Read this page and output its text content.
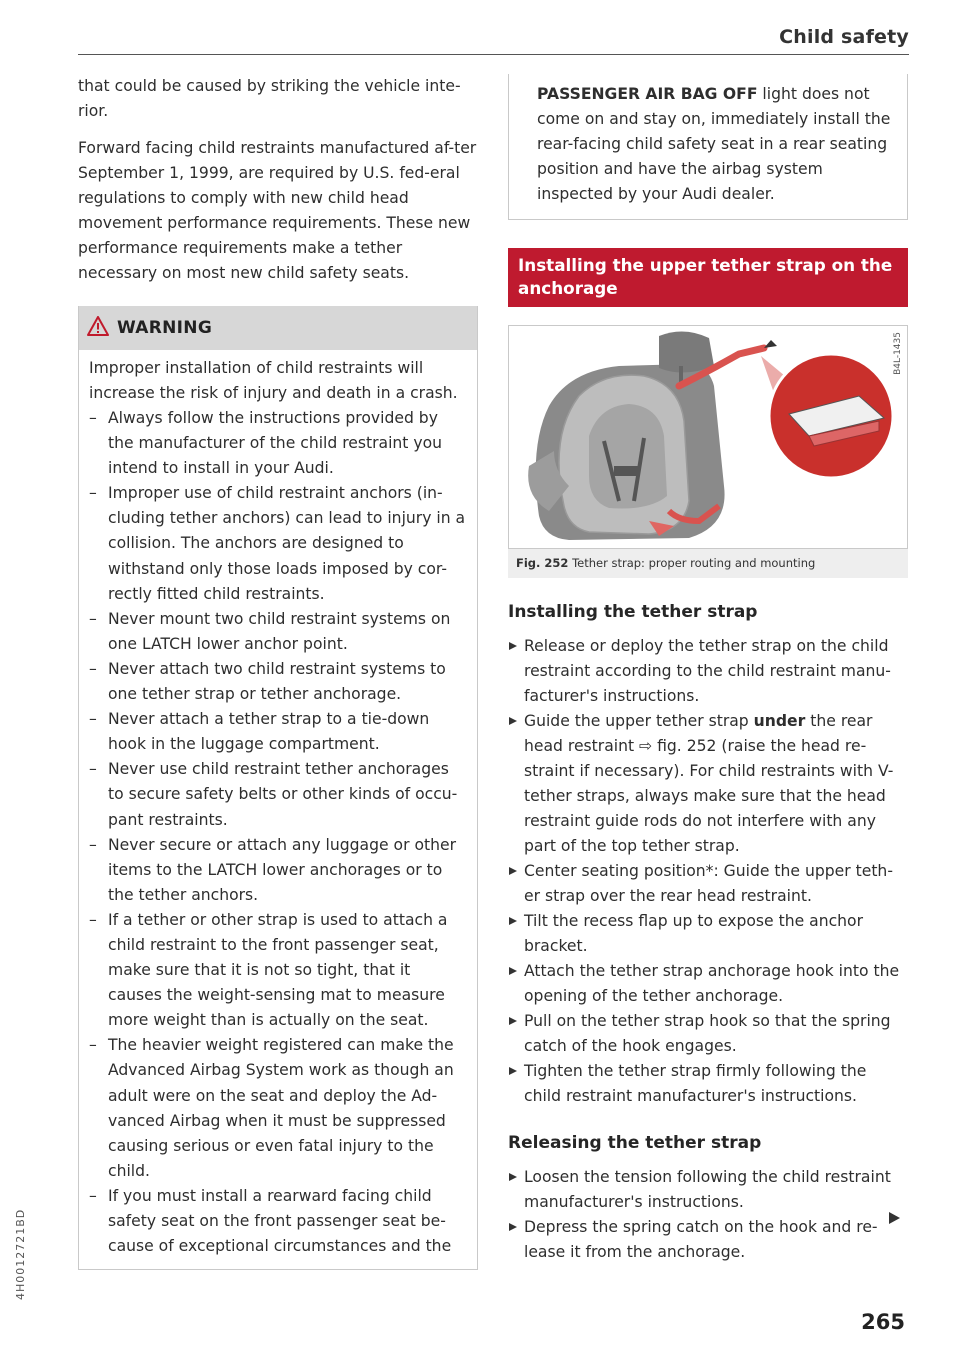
Child safety
4H0012721BD

that could be caused by striking the vehicle inte-rior.

Forward facing child restraints manufactured af-ter September 1, 1999, are required by U.S. fed-eral regulations to comply with new child head movement performance requirements. These new performance requirements make a tether necessary on most new child safety seats.

WARNING

Improper installation of child restraints will increase the risk of injury and death in a crash.

– Always follow the instructions provided by the manufacturer of the child restraint you intend to install in your Audi.
– Improper use of child restraint anchors (in-cluding tether anchors) can lead to injury in a collision. The anchors are designed to withstand only those loads imposed by cor-rectly fitted child restraints.
– Never mount two child restraint systems on one LATCH lower anchor point.
– Never attach two child restraint systems to one tether strap or tether anchorage.
– Never attach a tether strap to a tie-down hook in the luggage compartment.
– Never use child restraint tether anchorages to secure safety belts or other kinds of occu-pant restraints.
– Never secure or attach any luggage or other items to the LATCH lower anchorages or to the tether anchors.
– If a tether or other strap is used to attach a child restraint to the front passenger seat, make sure that it is not so tight, that it causes the weight-sensing mat to measure more weight than is actually on the seat.
– The heavier weight registered can make the Advanced Airbag System work as though an adult were on the seat and deploy the Ad-vanced Airbag when it must be suppressed causing serious or even fatal injury to the child.
– If you must install a rearward facing child safety seat on the front passenger seat be-cause of exceptional circumstances and the

PASSENGER AIR BAG OFF light does not come on and stay on, immediately install the rear-facing child safety seat in a rear seating position and have the airbag system inspected by your Audi dealer.

Installing the upper tether strap on the anchorage
B4L-1435
Fig. 252 Tether strap: proper routing and mounting
Installing the tether strap
Release or deploy the tether strap on the child restraint according to the child restraint manu-facturer's instructions.
Guide the upper tether strap under the rear head restraint ⇨ fig. 252 (raise the head re-straint if necessary). For child restraints with V-tether straps, always make sure that the head restraint guide rods do not interfere with any part of the top tether strap.
Center seating position*: Guide the upper teth-er strap over the rear head restraint.
Tilt the recess flap up to expose the anchor bracket.
Attach the tether strap anchorage hook into the opening of the tether anchorage.
Pull on the tether strap hook so that the spring catch of the hook engages.
Tighten the tether strap firmly following the child restraint manufacturer's instructions.
Releasing the tether strap
Loosen the tension following the child restraint manufacturer's instructions.
Depress the spring catch on the hook and re-lease it from the anchorage.
265
